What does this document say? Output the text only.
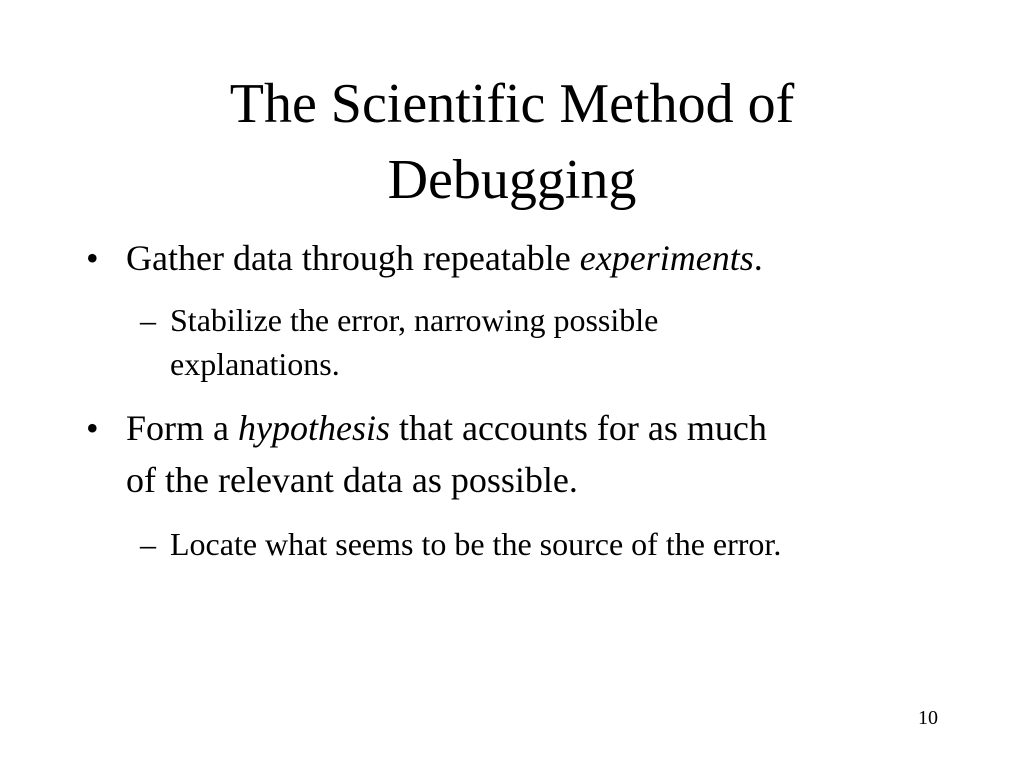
The Scientific Method of
Debugging
• Gather data through repeatable experiments.
– Stabilize the error, narrowing possible
explanations.
• Form a hypothesis that accounts for as much
of the relevant data as possible.
– Locate what seems to be the source of the error.
10
